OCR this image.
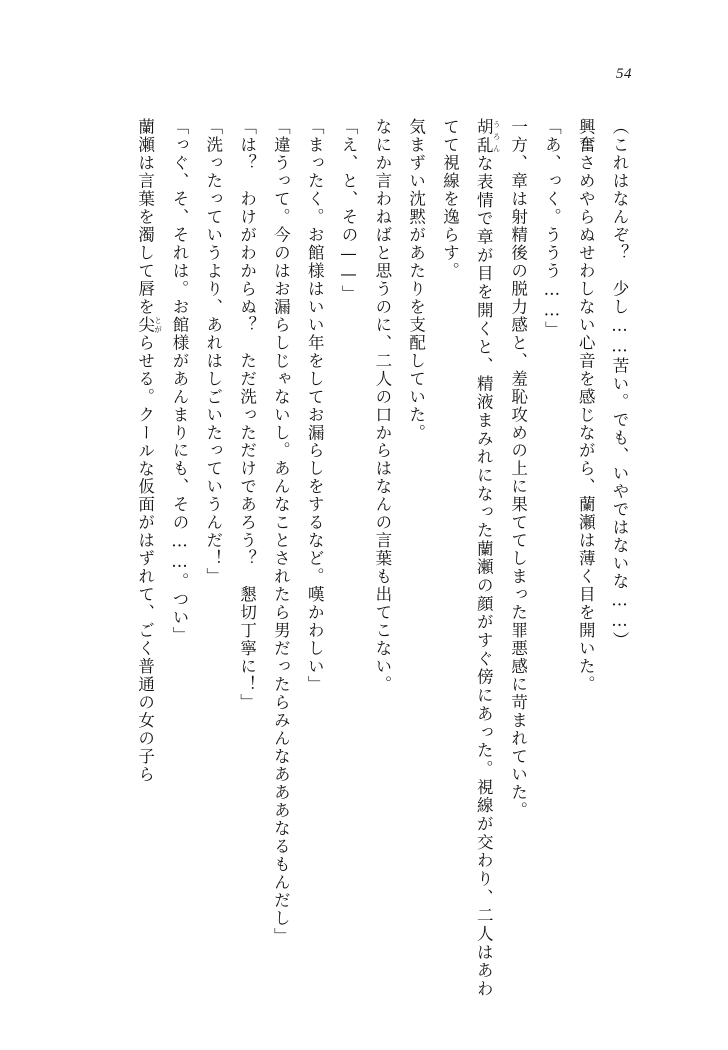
54

（これはなんぞ？　少し……苦い。でも、いやではないな……）

興奮さめやらぬせわしない心音を感じながら、蘭瀬は薄く目を開いた。

「あ、っく。ううう……」

一方、章は射精後の脱力感と、羞恥攻めの上に果ててしまった罪悪感に苛まれていた。

胡乱 うろんな表情で章が目を開くと、精液まみれになった蘭瀬の顔がすぐ傍にあった。視線が交わり、二人はあわてて視線を逸らす。

気まずい沈黙があたりを支配していた。

なにか言わねばと思うのに、二人の口からはなんの言葉も出てこない。

「え、と、その——」

「まったく。お館様はいい年をしてお漏らしをするなど。嘆かわしい」

「違うって。今のはお漏らしじゃないし。あんなことされたら男だったらみんなあああなるもんだし」

「は？　わけがわからぬ？　ただ洗っただけであろう？　懇切丁寧に！」

「洗ったっていうより、あれはしごいたっていうんだ！」

「っぐ、そ、それは。お館様があんまりにも、その……。つい」

蘭瀬は言葉を濁して唇を尖 とがらせる。クールな仮面がはずれて、ごく普通の女の子ら
